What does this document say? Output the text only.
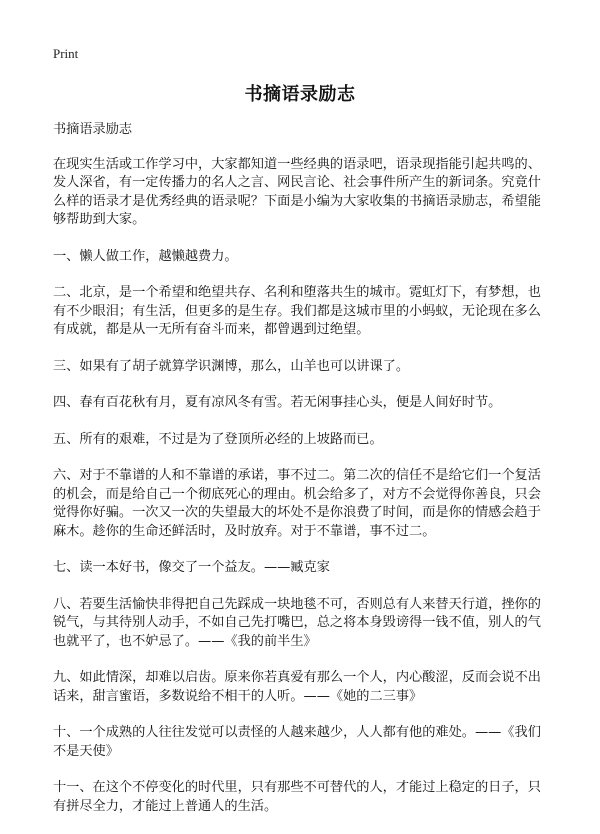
Print
书摘语录励志

书摘语录励志

在现实生活或工作学习中，大家都知道一些经典的语录吧，语录现指能引起共鸣的、发人深省，有一定传播力的名人之言、网民言论、社会事件所产生的新词条。究竟什么样的语录才是优秀经典的语录呢？下面是小编为大家收集的书摘语录励志，希望能够帮助到大家。

一、懒人做工作，越懒越费力。

二、北京，是一个希望和绝望共存、名利和堕落共生的城市。霓虹灯下，有梦想，也有不少眼泪；有生活，但更多的是生存。我们都是这城市里的小蚂蚁，无论现在多么有成就，都是从一无所有奋斗而来，都曾遇到过绝望。

三、如果有了胡子就算学识渊博，那么，山羊也可以讲课了。

四、春有百花秋有月，夏有凉风冬有雪。若无闲事挂心头，便是人间好时节。

五、所有的艰难，不过是为了登顶所必经的上坡路而已。

六、对于不靠谱的人和不靠谱的承诺，事不过二。第二次的信任不是给它们一个复活的机会，而是给自己一个彻底死心的理由。机会给多了，对方不会觉得你善良，只会觉得你好骗。一次又一次的失望最大的坏处不是你浪费了时间，而是你的情感会趋于麻木。趁你的生命还鲜活时，及时放弃。对于不靠谱，事不过二。

七、读一本好书，像交了一个益友。——臧克家

八、若要生活愉快非得把自己先踩成一块地毯不可，否则总有人来替天行道，挫你的锐气，与其待别人动手，不如自己先打嘴巴，总之将本身毁谤得一钱不值，别人的气也就平了，也不妒忌了。——《我的前半生》

九、如此情深，却难以启齿。原来你若真爱有那么一个人，内心酸涩，反而会说不出话来，甜言蜜语，多数说给不相干的人听。——《她的二三事》

十、一个成熟的人往往发觉可以责怪的人越来越少，人人都有他的难处。——《我们不是天使》

十一、在这个不停变化的时代里，只有那些不可替代的人，才能过上稳定的日子，只有拼尽全力，才能过上普通人的生活。
